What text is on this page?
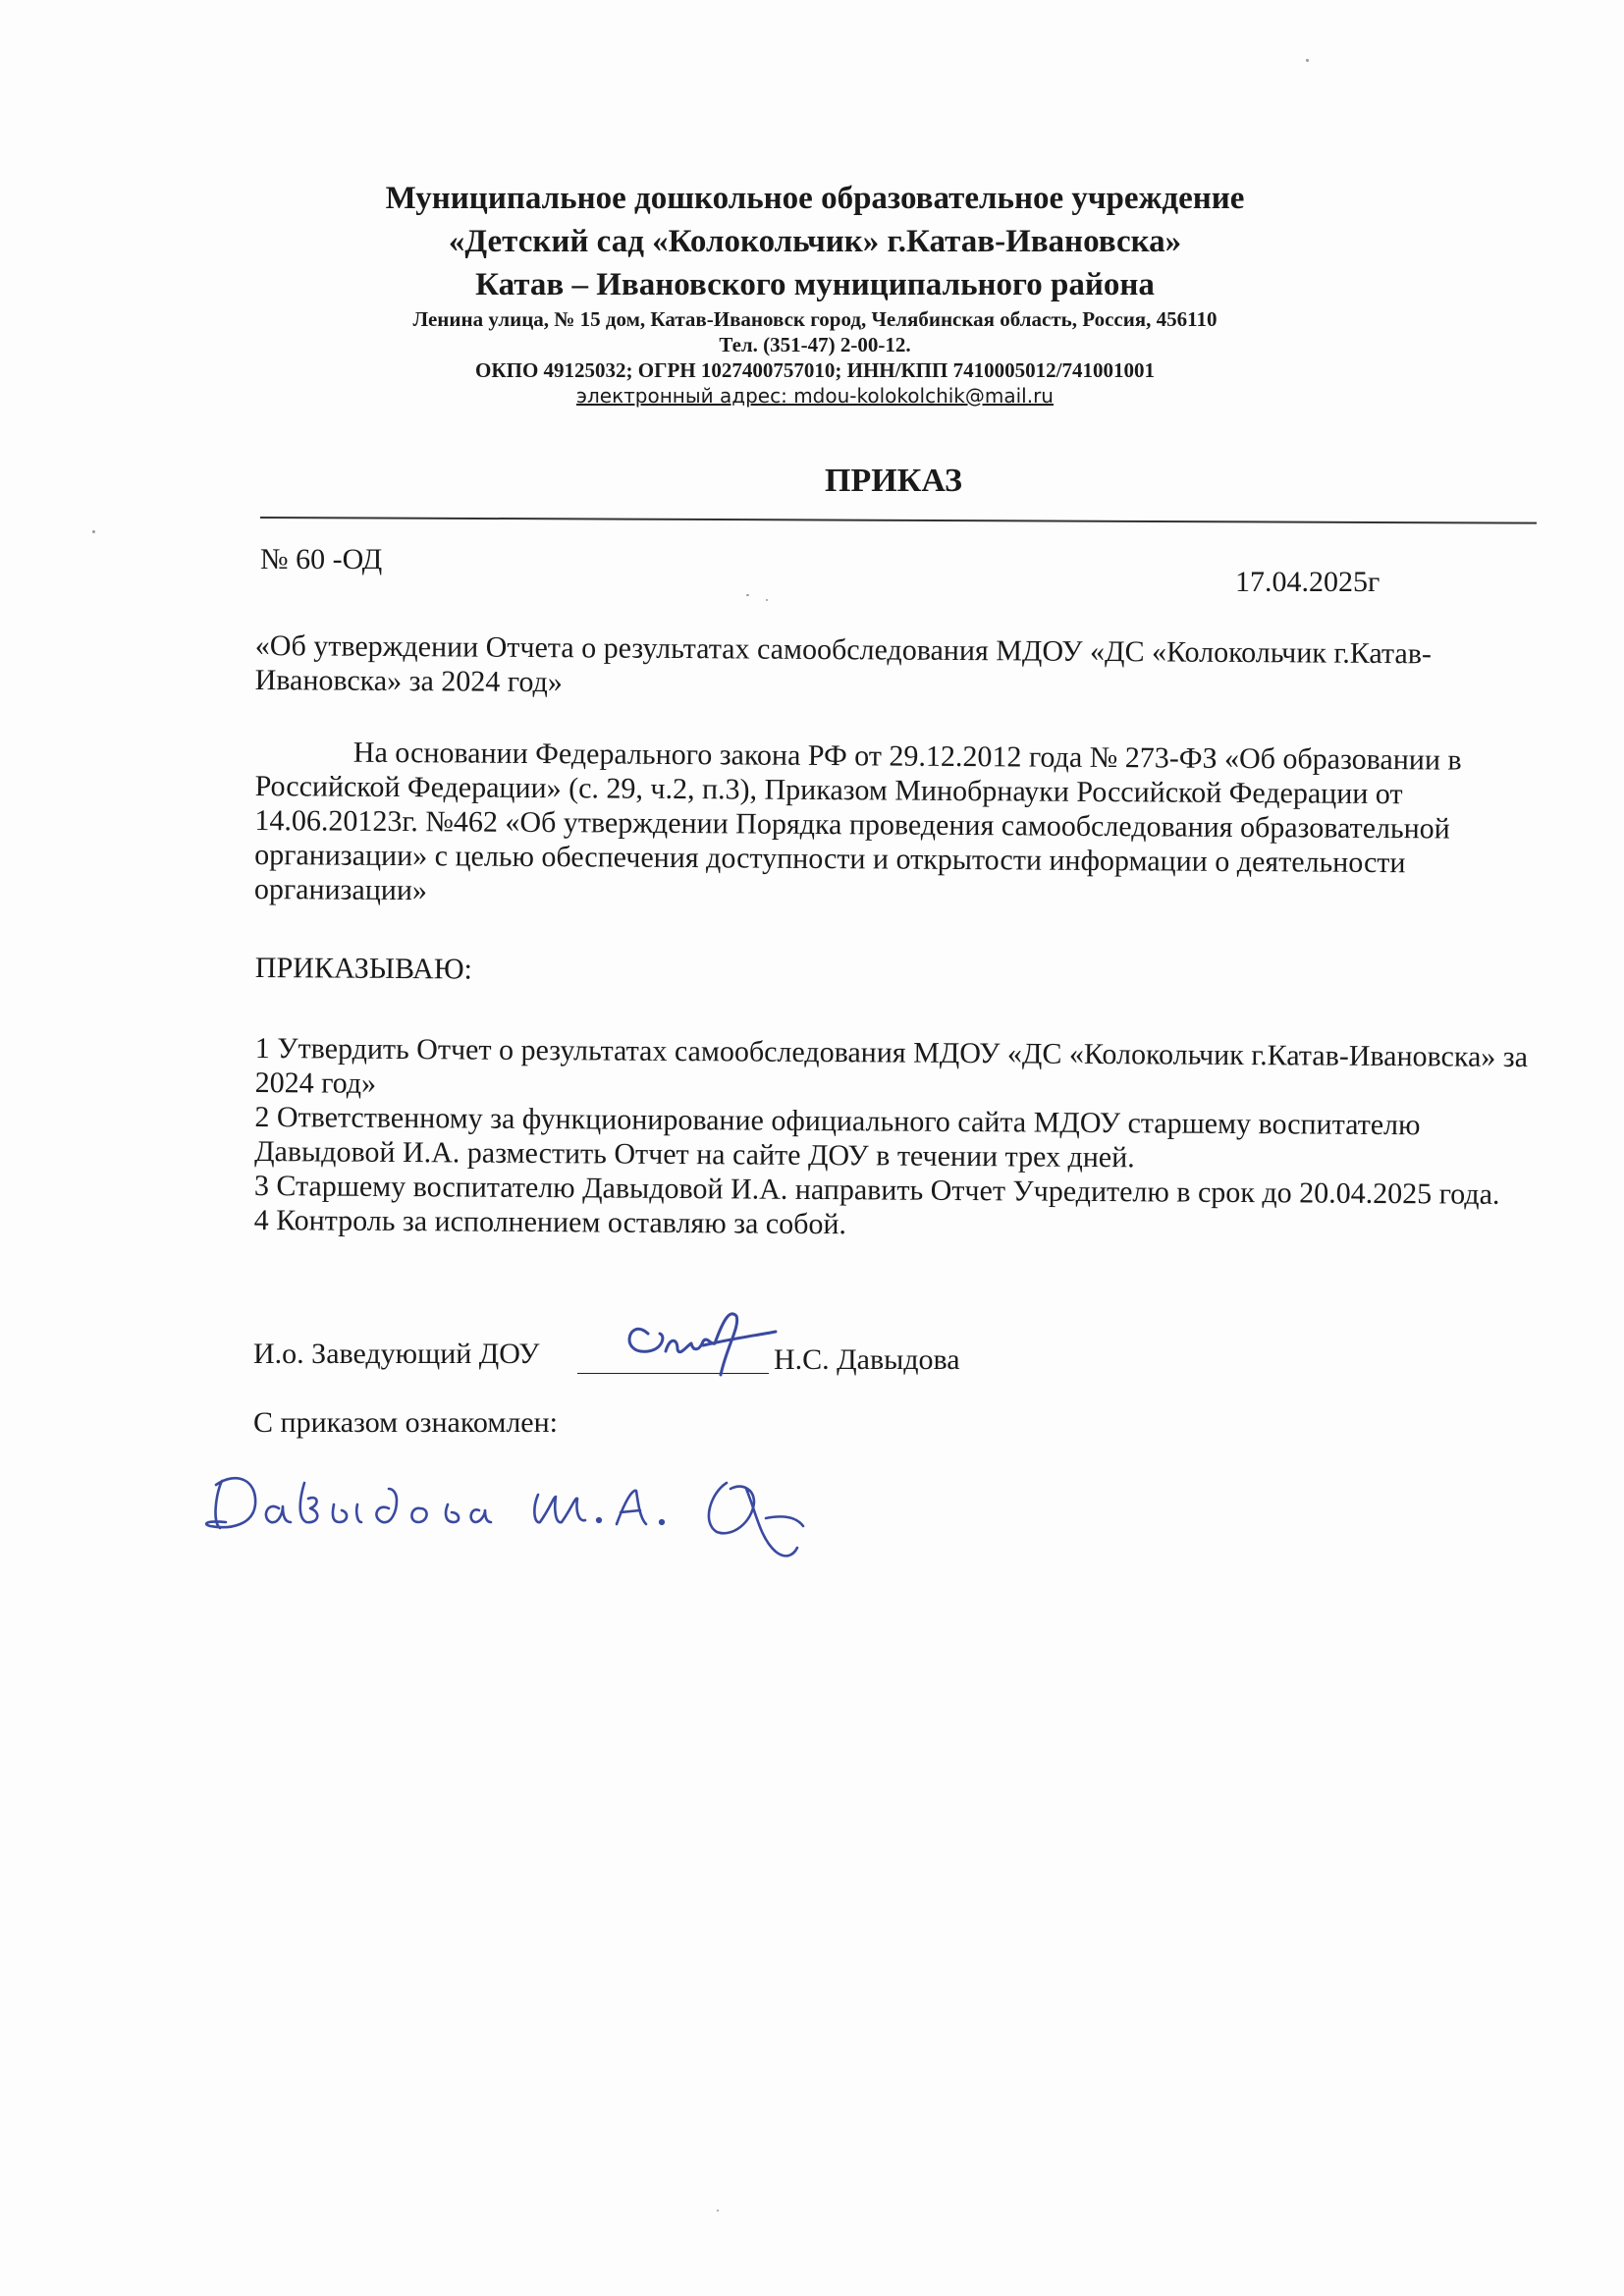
Муниципальное дошкольное образовательное учреждение

«Детский сад «Колокольчик» г.Катав-Ивановска»

Катав – Ивановского муниципального района

Ленина улица, № 15 дом, Катав-Ивановск город, Челябинская область, Россия, 456110

Тел. (351-47) 2-00-12.

ОКПО 49125032; ОГРН 1027400757010; ИНН/КПП 7410005012/741001001

электронный адрес: mdou-kolokolchik@mail.ru

ПРИКАЗ
№ 60 -ОД
17.04.2025г
«Об утверждении Отчета о результатах самообследования МДОУ «ДС «Колокольчик г.Катав-Ивановска» за 2024 год»
На основании Федерального закона РФ от 29.12.2012 года № 273-ФЗ «Об образовании в Российской Федерации» (с. 29, ч.2, п.3), Приказом Минобрнауки Российской Федерации от 14.06.20123г. №462 «Об утверждении Порядка проведения самообследования образовательной организации» с целью обеспечения доступности и открытости информации о деятельности организации»
ПРИКАЗЫВАЮ:

1 Утвердить Отчет о результатах самообследования МДОУ «ДС «Колокольчик г.Катав-Ивановска» за 2024 год»

2 Ответственному за функционирование официального сайта МДОУ старшему воспитателю Давыдовой И.А. разместить Отчет на сайте ДОУ в течении трех дней.

3 Старшему воспитателю Давыдовой И.А. направить Отчет Учредителю в срок до 20.04.2025 года.

4 Контроль за исполнением оставляю за собой.

И.о. Заведующий ДОУ	Н.С. Давыдова
С приказом ознакомлен:
